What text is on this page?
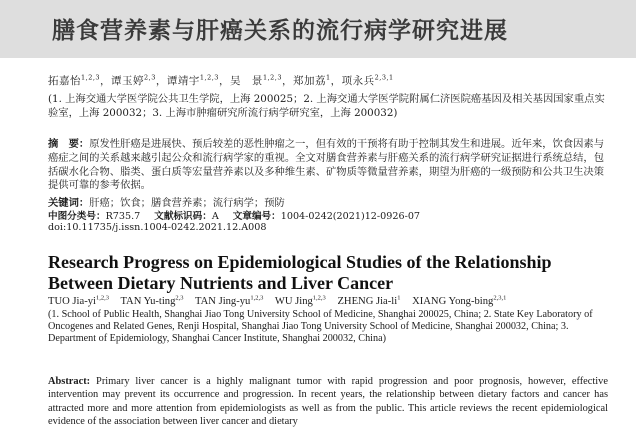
膳食营养素与肝癌关系的流行病学研究进展
拓嘉怡$^{1,2,3}$，谭玉婷$^{2,3}$，谭靖宇$^{1,2,3}$，吴　景$^{1,2,3}$，郑加荔$^1$，项永兵$^{2,3,1}$
(1. 上海交通大学医学院公共卫生学院，上海 200025；2. 上海交通大学医学院附属仁济医院癌基因及相关基因国家重点实验室，上海 200032；3. 上海市肿瘤研究所流行病学研究室，上海 200032)
摘　要：原发性肝癌是进展快、预后较差的恶性肿瘤之一，但有效的干预将有助于控制其发生和进展。近年来，饮食因素与癌症之间的关系越来越引起公众和流行病学家的重视。全文对膳食营养素与肝癌关系的流行病学研究证据进行系统总结，包括碳水化合物、脂类、蛋白质等宏量营养素以及多种维生素、矿物质等微量营养素，期望为肝癌的一级预防和公共卫生决策提供可靠的参考依据。
关键词：肝癌；饮食；膳食营养素；流行病学；预防
中图分类号：R735.7 文献标识码：A 文章编号：1004-0242(2021)12-0926-07
doi:10.11735/j.issn.1004-0242.2021.12.A008
Research Progress on Epidemiological Studies of the Relationship Between Dietary Nutrients and Liver Cancer
TUO Jia-yi$^{1,2,3}$ TAN Yu-ting$^{2,3}$ TAN Jing-yu$^{1,2,3}$ WU Jing$^{1,2,3}$ ZHENG Jia-$li^1$ XIANG Yong-bing$^{2,3,1}$
(1. School of Public Health, Shanghai Jiao Tong University School of Medicine, Shanghai 200025, China; 2. State Key Laboratory of Oncogenes and Related Genes, Renji Hospital, Shanghai Jiao Tong University School of Medicine, Shanghai 200032, China; 3. Department of Epidemiology, Shanghai Cancer Institute, Shanghai 200032, China)
Abstract: Primary liver cancer is a highly malignant tumor with rapid progression and poor prognosis, however, effective intervention may prevent its occurrence and progression. In recent years, the relationship between dietary factors and cancer has attracted more and more attention from epidemiologists as well as from the public. This article reviews the recent epidemiological evidence of the association between liver cancer and dietary
